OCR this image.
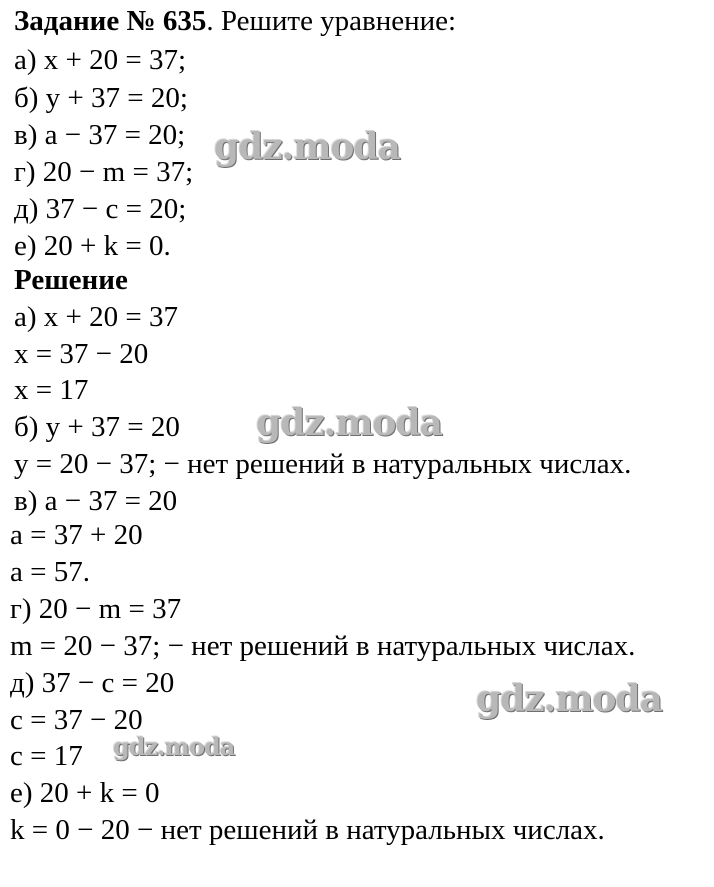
Задание № 635. Решите уравнение:
а) x + 20 = 37;
б) y + 37 = 20;
в) a − 37 = 20;
г) 20 − m = 37;
д) 37 − c = 20;
е) 20 + k = 0.
Решение
а) x + 20 = 37
x = 37 − 20
x = 17
б) y + 37 = 20
y = 20 − 37; − нет решений в натуральных числах.
в) a − 37 = 20
a = 37 + 20
a = 57.
г) 20 − m = 37
m = 20 − 37; − нет решений в натуральных числах.
д) 37 − c = 20
c = 37 − 20
c = 17
е) 20 + k = 0
k = 0 − 20 − нет решений в натуральных числах.
gdz.moda
gdz.moda
gdz.moda
gdz.moda
